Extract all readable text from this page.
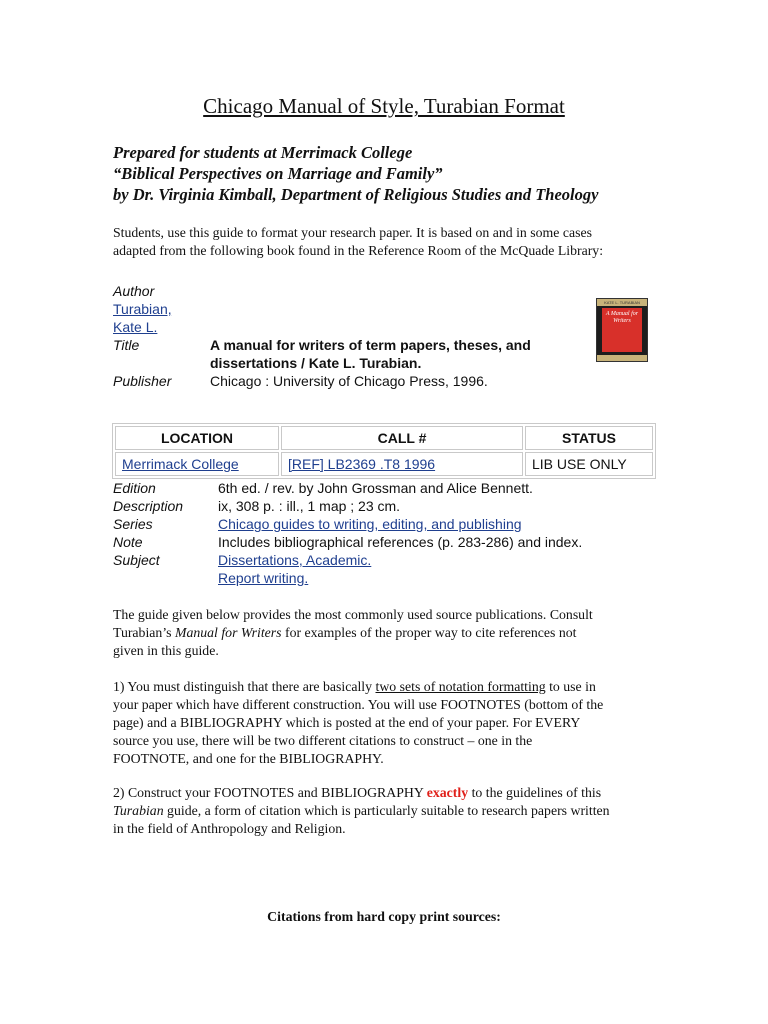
Chicago Manual of Style, Turabian Format
Prepared for students at Merrimack College
“Biblical Perspectives on Marriage and Family”
by Dr. Virginia Kimball, Department of Religious Studies and Theology
Students, use this guide to format your research paper. It is based on and in some cases
adapted from the following book found in the Reference Room of the McQuade Library:
Author
Turabian,
Kate L.
Title	A manual for writers of term papers, theses, and
dissertations / Kate L. Turabian.
Publisher	Chicago : University of Chicago Press, 1996.
KATE L. TURABIAN
A Manual for Writers
LOCATION	CALL #	STATUS
Merrimack College	[REF] LB2369 .T8 1996	LIB USE ONLY
Edition	6th ed. / rev. by John Grossman and Alice Bennett.
Description ix, 308 p. : ill., 1 map ; 23 cm.
Series	Chicago guides to writing, editing, and publishing
Note	Includes bibliographical references (p. 283-286) and index.
Subject	Dissertations, Academic.
Report writing.
The guide given below provides the most commonly used source publications. Consult
Turabian’s Manual for Writers for examples of the proper way to cite references not
given in this guide.
1) You must distinguish that there are basically two sets of notation formatting to use in
your paper which have different construction. You will use FOOTNOTES (bottom of the
page) and a BIBLIOGRAPHY which is posted at the end of your paper. For EVERY
source you use, there will be two different citations to construct – one in the
FOOTNOTE, and one for the BIBLIOGRAPHY.
2) Construct your FOOTNOTES and BIBLIOGRAPHY exactly to the guidelines of this
Turabian guide, a form of citation which is particularly suitable to research papers written
in the field of Anthropology and Religion.
Citations from hard copy print sources:
